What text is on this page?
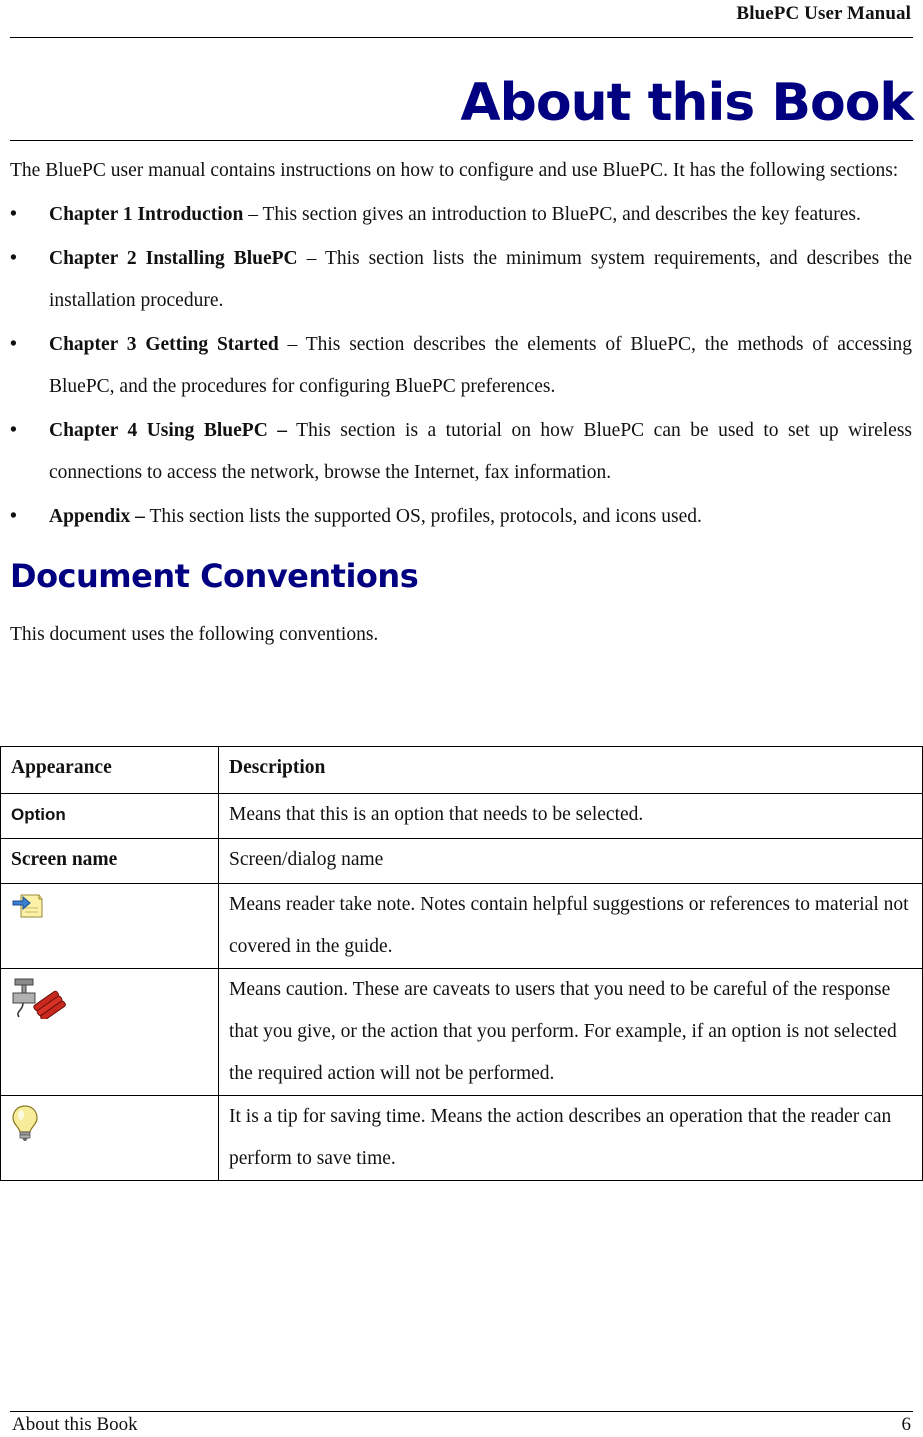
BluePC User Manual
About this Book

The BluePC user manual contains instructions on how to configure and use BluePC. It has the following sections:

• Chapter 1 Introduction – This section gives an introduction to BluePC, and describes the key features.
• Chapter 2 Installing BluePC – This section lists the minimum system requirements, and describes the installation procedure.
• Chapter 3 Getting Started – This section describes the elements of BluePC, the methods of accessing BluePC, and the procedures for configuring BluePC preferences.
• Chapter 4 Using BluePC – This section is a tutorial on how BluePC can be used to set up wireless connections to access the network, browse the Internet, fax information.
• Appendix – This section lists the supported OS, profiles, protocols, and icons used.
Document Conventions

This document uses the following conventions.

Appearance	Description
Option	Means that this is an option that needs to be selected.
Screen name	Screen/dialog name

	Means reader take note. Notes contain helpful suggestions or references to material not covered in the guide.

	Means caution. These are caveats to users that you need to be careful of the response that you give, or the action that you perform. For example, if an option is not selected the required action will not be performed.

	It is a tip for saving time. Means the action describes an operation that the reader can perform to save time.
About this Book	6
